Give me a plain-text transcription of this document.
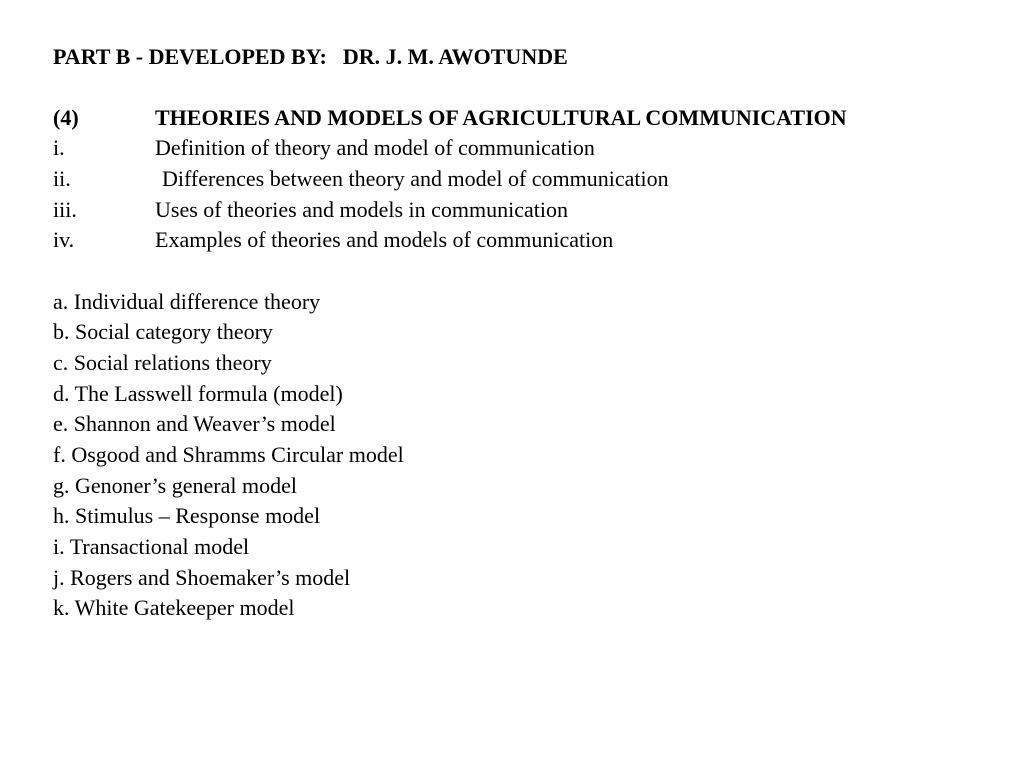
PART B - DEVELOPED BY: DR. J. M. AWOTUNDE
(4)	THEORIES AND MODELS OF AGRICULTURAL COMMUNICATION
i.	Definition of theory and model of communication
ii.	Differences between theory and model of communication
iii.	Uses of theories and models in communication
iv.	Examples of theories and models of communication
a. Individual difference theory
b. Social category theory
c. Social relations theory
d. The Lasswell formula (model)
e. Shannon and Weaver’s model
f. Osgood and Shramms Circular model
g. Genoner’s general model
h. Stimulus – Response model
i. Transactional model
j. Rogers and Shoemaker’s model
k. White Gatekeeper model
